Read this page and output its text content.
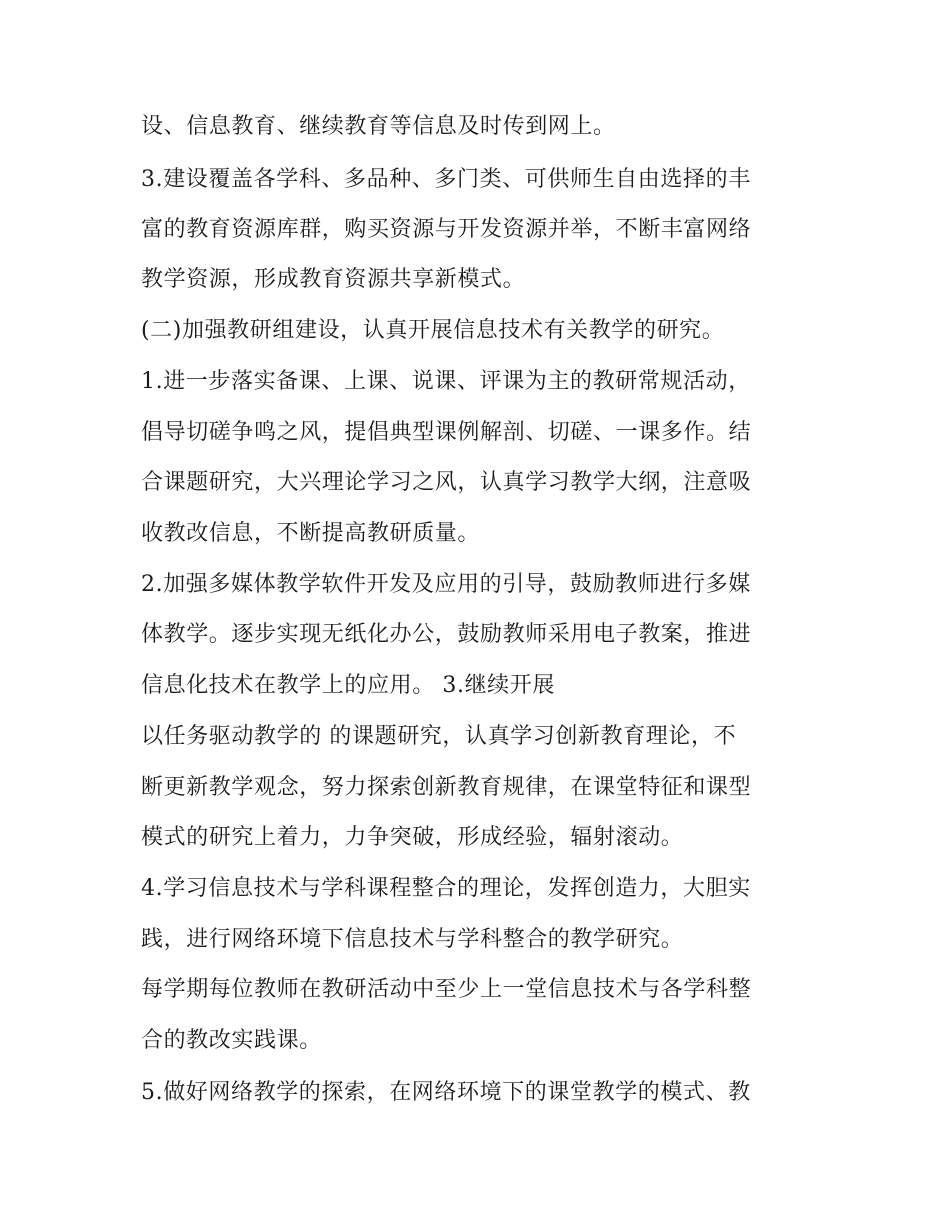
设、信息教育、继续教育等信息及时传到网上。

3.建设覆盖各学科、多品种、多门类、可供师生自由选择的丰

富的教育资源库群，购买资源与开发资源并举，不断丰富网络

教学资源，形成教育资源共享新模式。

(二)加强教研组建设，认真开展信息技术有关教学的研究。

1.进一步落实备课、上课、说课、评课为主的教研常规活动，

倡导切磋争鸣之风，提倡典型课例解剖、切磋、一课多作。结

合课题研究，大兴理论学习之风，认真学习教学大纲，注意吸

收教改信息，不断提高教研质量。

2.加强多媒体教学软件开发及应用的引导，鼓励教师进行多媒

体教学。逐步实现无纸化办公，鼓励教师采用电子教案，推进

信息化技术在教学上的应用。 3.继续开展

以任务驱动教学的 的课题研究，认真学习创新教育理论，不

断更新教学观念，努力探索创新教育规律，在课堂特征和课型

模式的研究上着力，力争突破，形成经验，辐射滚动。

4.学习信息技术与学科课程整合的理论，发挥创造力，大胆实

践，进行网络环境下信息技术与学科整合的教学研究。

每学期每位教师在教研活动中至少上一堂信息技术与各学科整

合的教改实践课。

5.做好网络教学的探索，在网络环境下的课堂教学的模式、教
